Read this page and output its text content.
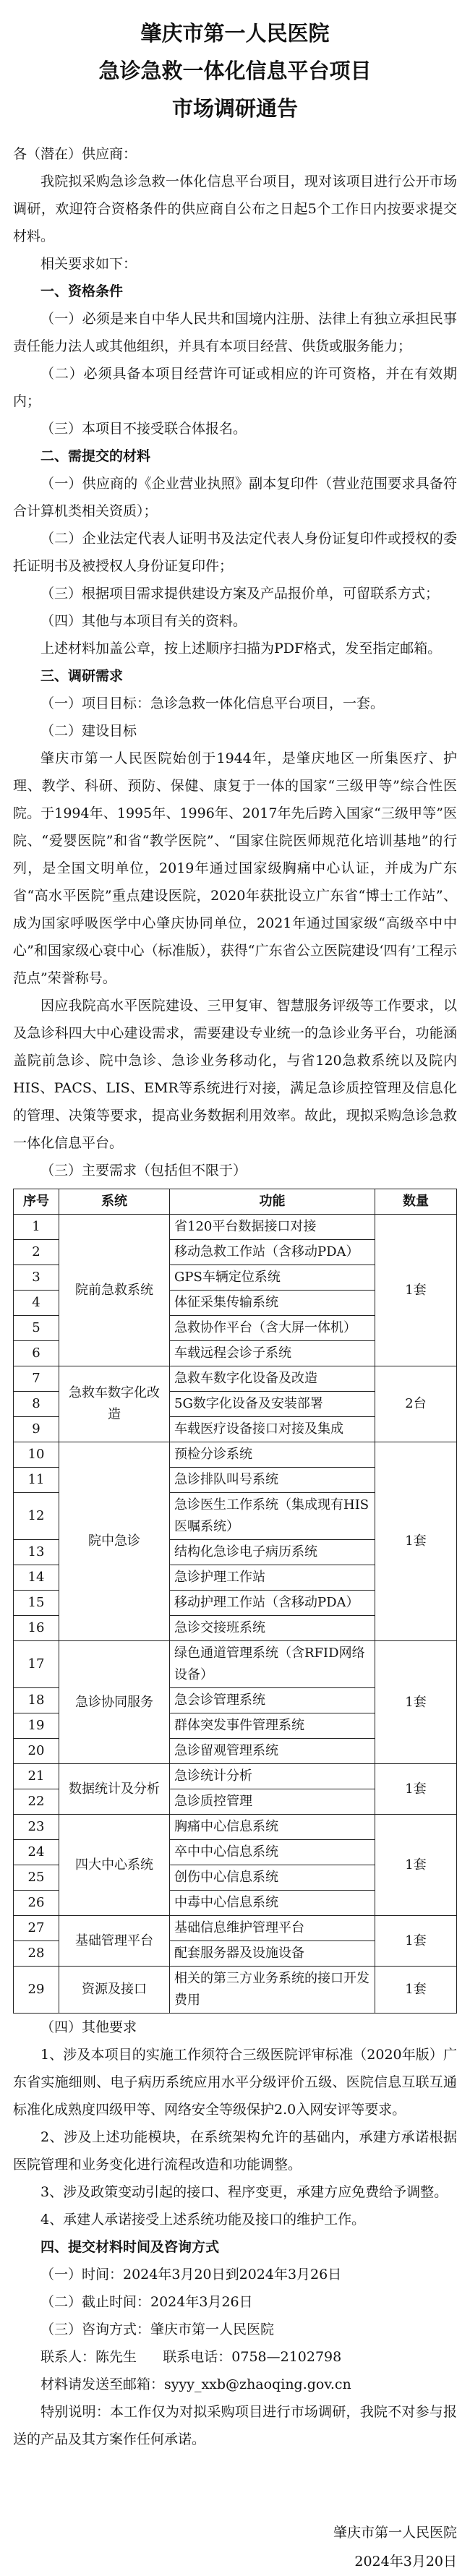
肇庆市第一人民医院

急诊急救一体化信息平台项目

市场调研通告

各（潜在）供应商：

我院拟采购急诊急救一体化信息平台项目，现对该项目进行公开市场调研，欢迎符合资格条件的供应商自公布之日起5个工作日内按要求提交材料。

相关要求如下：

一、资格条件

（一）必须是来自中华人民共和国境内注册、法律上有独立承担民事责任能力法人或其他组织，并具有本项目经营、供货或服务能力；

（二）必须具备本项目经营许可证或相应的许可资格，并在有效期内；

（三）本项目不接受联合体报名。

二、需提交的材料

（一）供应商的《企业营业执照》副本复印件（营业范围要求具备符合计算机类相关资质）；

（二）企业法定代表人证明书及法定代表人身份证复印件或授权的委托证明书及被授权人身份证复印件；

（三）根据项目需求提供建设方案及产品报价单，可留联系方式；

（四）其他与本项目有关的资料。

上述材料加盖公章，按上述顺序扫描为PDF格式，发至指定邮箱。

三、调研需求

（一）项目目标：急诊急救一体化信息平台项目，一套。

（二）建设目标

肇庆市第一人民医院始创于1944年，是肇庆地区一所集医疗、护理、教学、科研、预防、保健、康复于一体的国家“三级甲等”综合性医院。于1994年、1995年、1996年、2017年先后跨入国家“三级甲等”医院、“爱婴医院”和省“教学医院”、“国家住院医师规范化培训基地”的行列，是全国文明单位，2019年通过国家级胸痛中心认证，并成为广东省“高水平医院”重点建设医院，2020年获批设立广东省“博士工作站”、成为国家呼吸医学中心肇庆协同单位，2021年通过国家级“高级卒中中心”和国家级心衰中心（标准版），获得“广东省公立医院建设‘四有’工程示范点”荣誉称号。

因应我院高水平医院建设、三甲复审、智慧服务评级等工作要求，以及急诊科四大中心建设需求，需要建设专业统一的急诊业务平台，功能涵盖院前急诊、院中急诊、急诊业务移动化，与省120急救系统以及院内HIS、PACS、LIS、EMR等系统进行对接，满足急诊质控管理及信息化的管理、决策等要求，提高业务数据利用效率。故此，现拟采购急诊急救一体化信息平台。

（三）主要需求（包括但不限于）

序号	系统	功能	数量
1	院前急救系统	省120平台数据接口对接	1套
2		移动急救工作站（含移动PDA）	
3		GPS车辆定位系统	
4		体征采集传输系统	
5		急救协作平台（含大屏一体机）	
6		车载远程会诊子系统	
7	急救车数字化改造	急救车数字化设备及改造	2台
8		5G数字化设备及安装部署	
9		车载医疗设备接口对接及集成	
10	院中急诊	预检分诊系统	1套
11		急诊排队叫号系统	
12		急诊医生工作系统（集成现有HIS医嘱系统）	
13		结构化急诊电子病历系统	
14		急诊护理工作站	
15		移动护理工作站（含移动PDA）	
16		急诊交接班系统	
17	急诊协同服务	绿色通道管理系统（含RFID网络设备）	1套
18		急会诊管理系统	
19		群体突发事件管理系统	
20		急诊留观管理系统	
21	数据统计及分析	急诊统计分析	1套
22		急诊质控管理	
23	四大中心系统	胸痛中心信息系统	1套
24		卒中中心信息系统	
25		创伤中心信息系统	
26		中毒中心信息系统	
27	基础管理平台	基础信息维护管理平台	1套
28		配套服务器及设施设备	
29	资源及接口	相关的第三方业务系统的接口开发费用	1套

（四）其他要求

1、涉及本项目的实施工作须符合三级医院评审标准（2020年版）广东省实施细则、电子病历系统应用水平分级评价五级、医院信息互联互通标准化成熟度四级甲等、网络安全等级保护2.0入网安评等要求。

2、涉及上述功能模块，在系统架构允许的基础内，承建方承诺根据医院管理和业务变化进行流程改造和功能调整。

3、涉及政策变动引起的接口、程序变更，承建方应免费给予调整。

4、承建人承诺接受上述系统功能及接口的维护工作。

四、提交材料时间及咨询方式

（一）时间：2024年3月20日到2024年3月26日

（二）截止时间：2024年3月26日

（三）咨询方式：肇庆市第一人民医院

联系人：陈先生 联系电话：0758—2102798

材料请发送至邮箱：syyy_xxb@zhaoqing.gov.cn

特别说明：本工作仅为对拟采购项目进行市场调研，我院不对参与报送的产品及其方案作任何承诺。

肇庆市第一人民医院

2024年3月20日
